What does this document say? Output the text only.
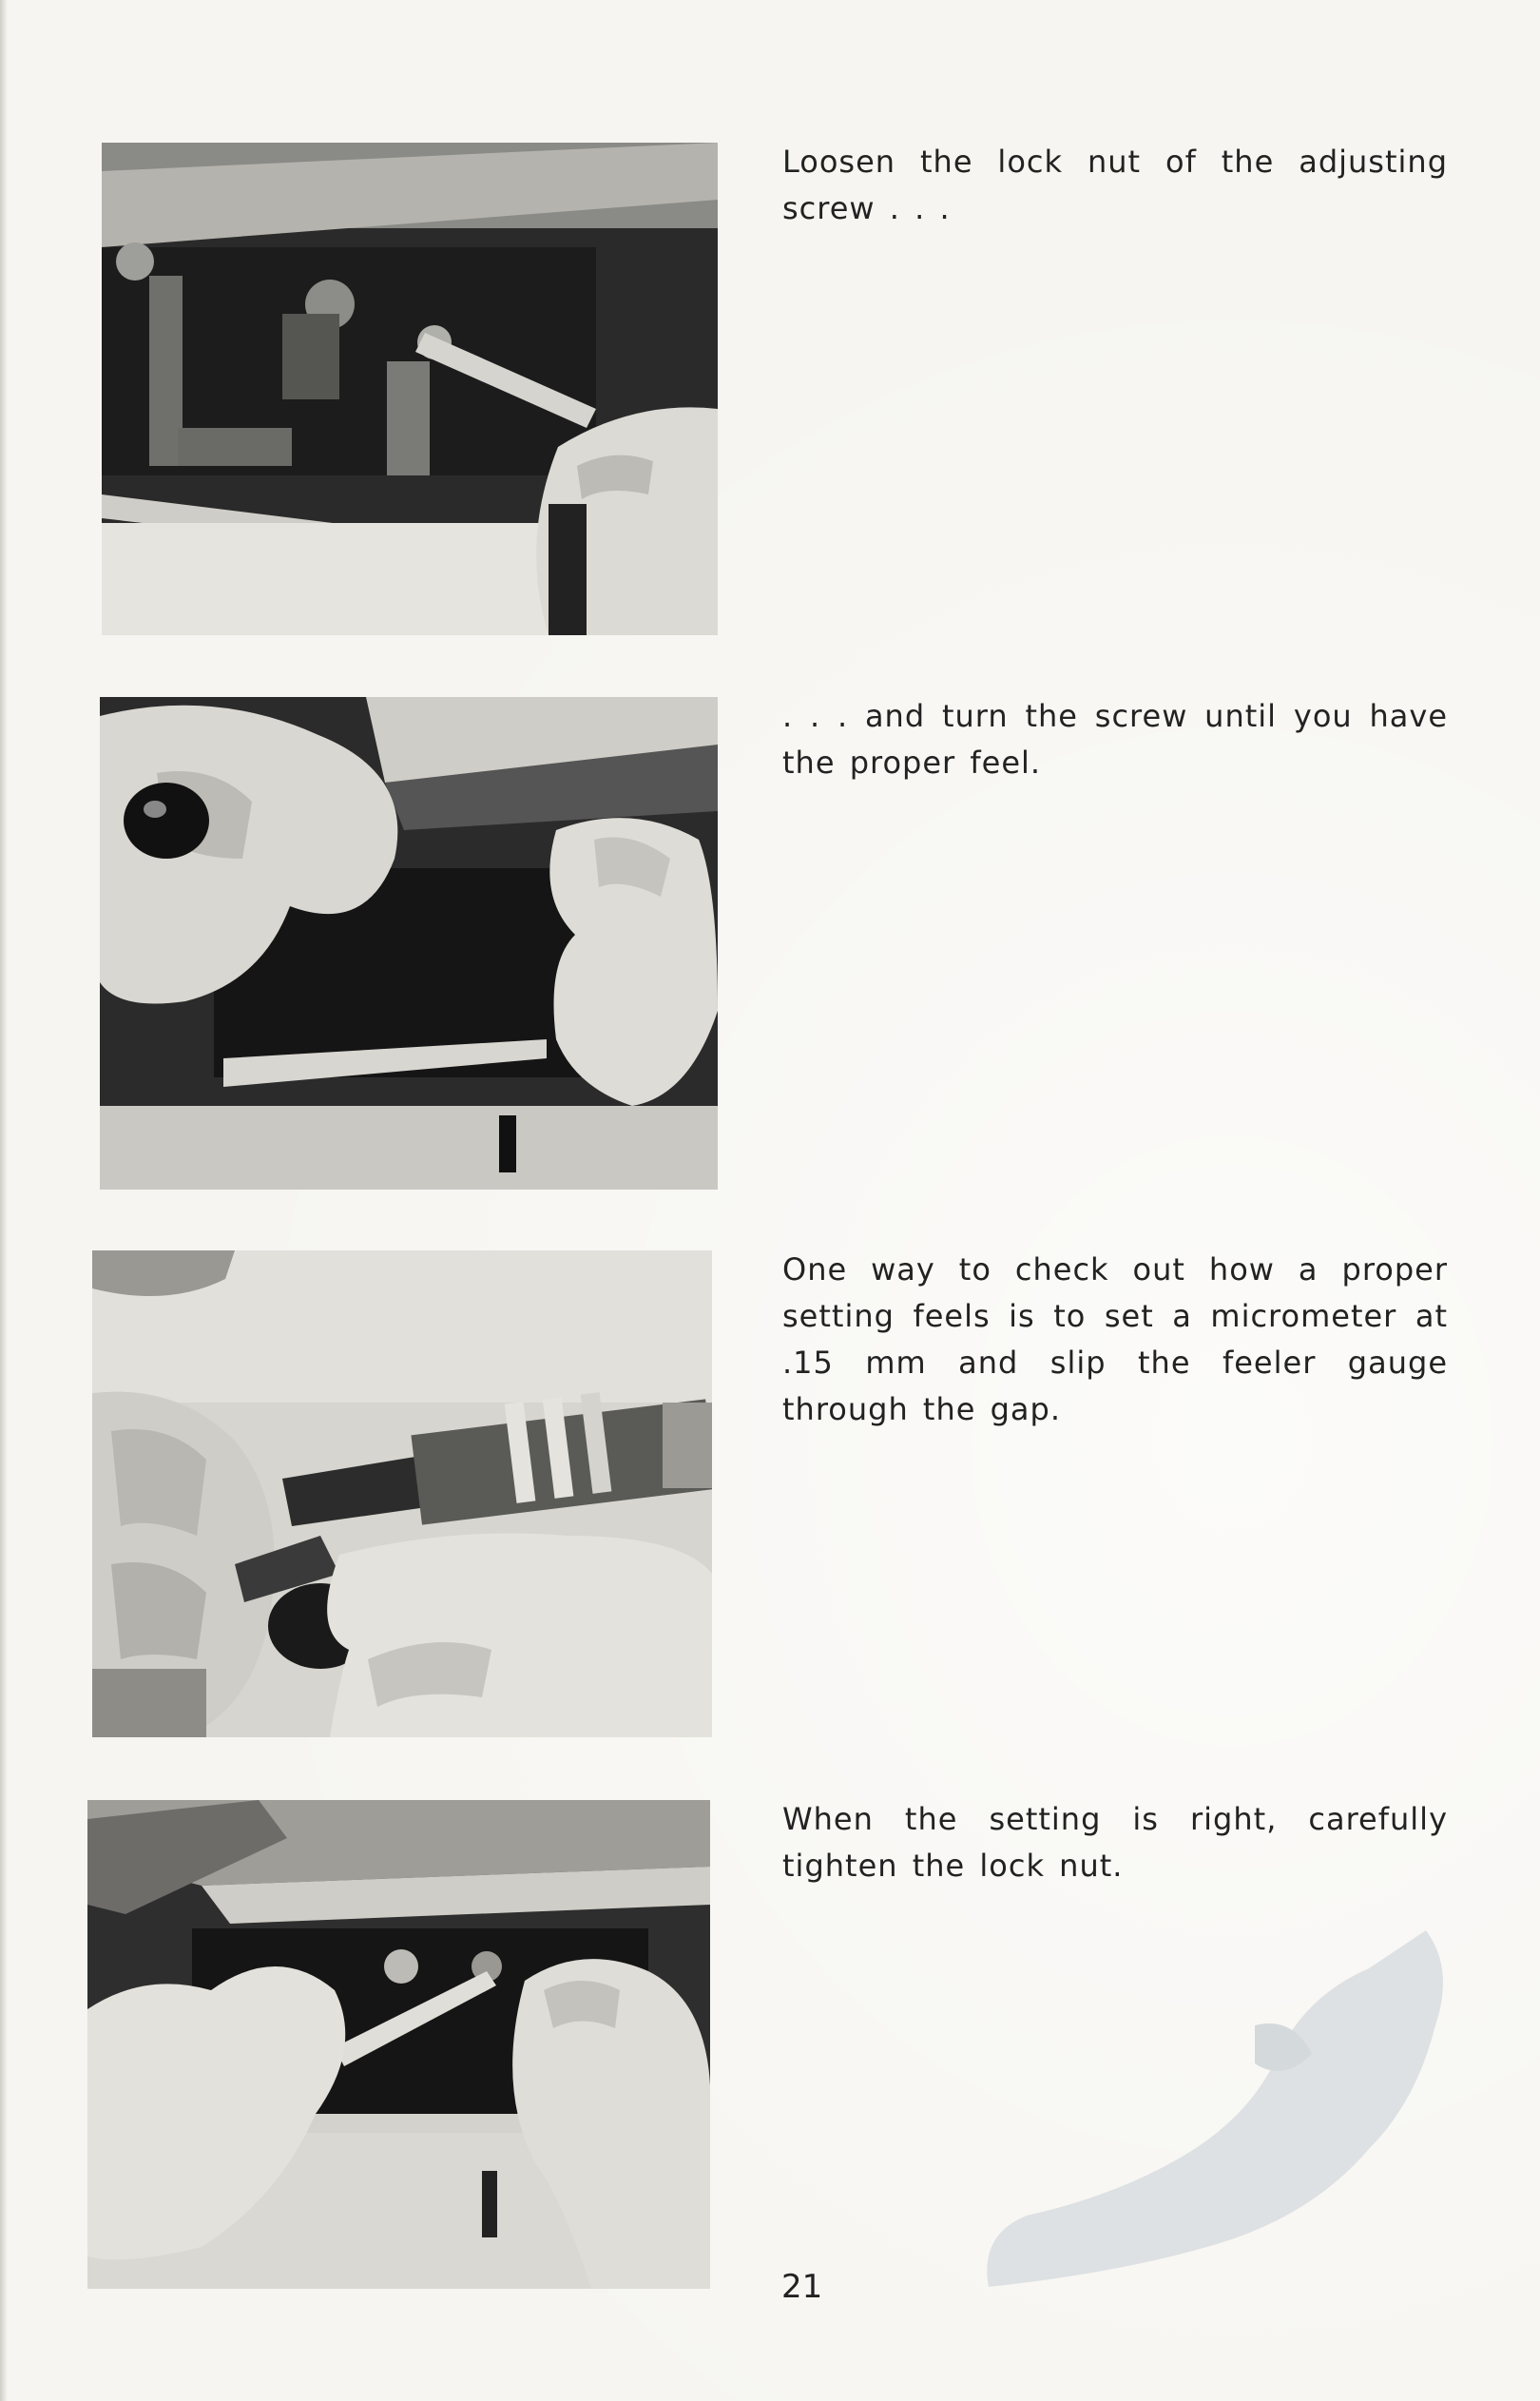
Loosen the lock nut of the adjusting screw . . .
. . . and turn the screw until you have the proper feel.
One way to check out how a proper setting feels is to set a micrometer at .15 mm and slip the feeler gauge through the gap.
When the setting is right, carefully tighten the lock nut.
21
